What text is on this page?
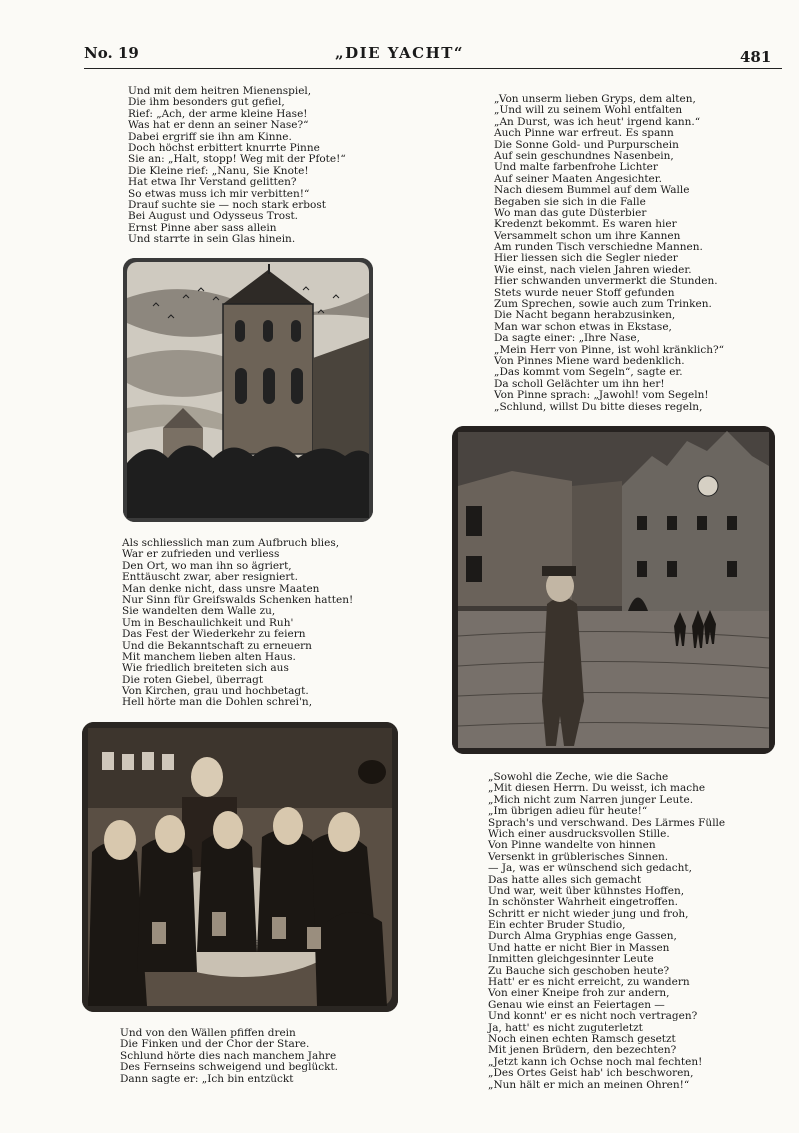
No. 19	„DIE YACHT“	481
Und mit dem heitren Mienenspiel,
Die ihm besonders gut gefiel,
Rief: „Ach, der arme kleine Hase!
Was hat er denn an seiner Nase?“
Dabei ergriff sie ihn am Kinne.
Doch höchst erbittert knurrte Pinne
Sie an: „Halt, stopp! Weg mit der Pfote!“
Die Kleine rief: „Nanu, Sie Knote!
Hat etwa Ihr Verstand gelitten?
So etwas muss ich mir verbitten!“
Drauf suchte sie — noch stark erbost
Bei August und Odysseus Trost.
Ernst Pinne aber sass allein
Und starrte in sein Glas hinein.
Als schliesslich man zum Aufbruch blies,
War er zufrieden und verliess
Den Ort, wo man ihn so ägriert,
Enttäuscht zwar, aber resigniert.
Man denke nicht, dass unsre Maaten
Nur Sinn für Greifswalds Schenken hatten!
Sie wandelten dem Walle zu,
Um in Beschaulichkeit und Ruh'
Das Fest der Wiederkehr zu feiern
Und die Bekanntschaft zu erneuern
Mit manchem lieben alten Haus.
Wie friedlich breiteten sich aus
Die roten Giebel, überragt
Von Kirchen, grau und hochbetagt.
Hell hörte man die Dohlen schrei'n,
Und von den Wällen pfiffen drein
Die Finken und der Chor der Stare.
Schlund hörte dies nach manchem Jahre
Des Fernseins schweigend und beglückt.
Dann sagte er: „Ich bin entzückt
„Von unserm lieben Gryps, dem alten,
„Und will zu seinem Wohl entfalten
„An Durst, was ich heut' irgend kann.“
Auch Pinne war erfreut. Es spann
Die Sonne Gold- und Purpurschein
Auf sein geschundnes Nasenbein,
Und malte farbenfrohe Lichter
Auf seiner Maaten Angesichter.
Nach diesem Bummel auf dem Walle
Begaben sie sich in die Falle
Wo man das gute Düsterbier
Kredenzt bekommt. Es waren hier
Versammelt schon um ihre Kannen
Am runden Tisch verschiedne Mannen.
Hier liessen sich die Segler nieder
Wie einst, nach vielen Jahren wieder.
Hier schwanden unvermerkt die Stunden.
Stets wurde neuer Stoff gefunden
Zum Sprechen, sowie auch zum Trinken.
Die Nacht begann herabzusinken,
Man war schon etwas in Ekstase,
Da sagte einer: „Ihre Nase,
„Mein Herr von Pinne, ist wohl kränklich?“
Von Pinnes Miene ward bedenklich.
„Das kommt vom Segeln“, sagte er.
Da scholl Gelächter um ihn her!
Von Pinne sprach: „Jawohl! vom Segeln!
„Schlund, willst Du bitte dieses regeln,
„Sowohl die Zeche, wie die Sache
„Mit diesen Herrn. Du weisst, ich mache
„Mich nicht zum Narren junger Leute.
„Im übrigen adieu für heute!“
Sprach's und verschwand. Des Lärmes Fülle
Wich einer ausdrucksvollen Stille.
Von Pinne wandelte von hinnen
Versenkt in grüblerisches Sinnen.
— Ja, was er wünschend sich gedacht,
Das hatte alles sich gemacht
Und war, weit über kühnstes Hoffen,
In schönster Wahrheit eingetroffen.
Schritt er nicht wieder jung und froh,
Ein echter Bruder Studio,
Durch Alma Gryphias enge Gassen,
Und hatte er nicht Bier in Massen
Inmitten gleichgesinnter Leute
Zu Bauche sich geschoben heute?
Hatt' er es nicht erreicht, zu wandern
Von einer Kneipe froh zur andern,
Genau wie einst an Feiertagen —
Und konnt' er es nicht noch vertragen?
Ja, hatt' es nicht zuguterletzt
Noch einen echten Ramsch gesetzt
Mit jenen Brüdern, den bezechten?
„Jetzt kann ich Ochse noch mal fechten!
„Des Ortes Geist hab' ich beschworen,
„Nun hält er mich an meinen Ohren!“
